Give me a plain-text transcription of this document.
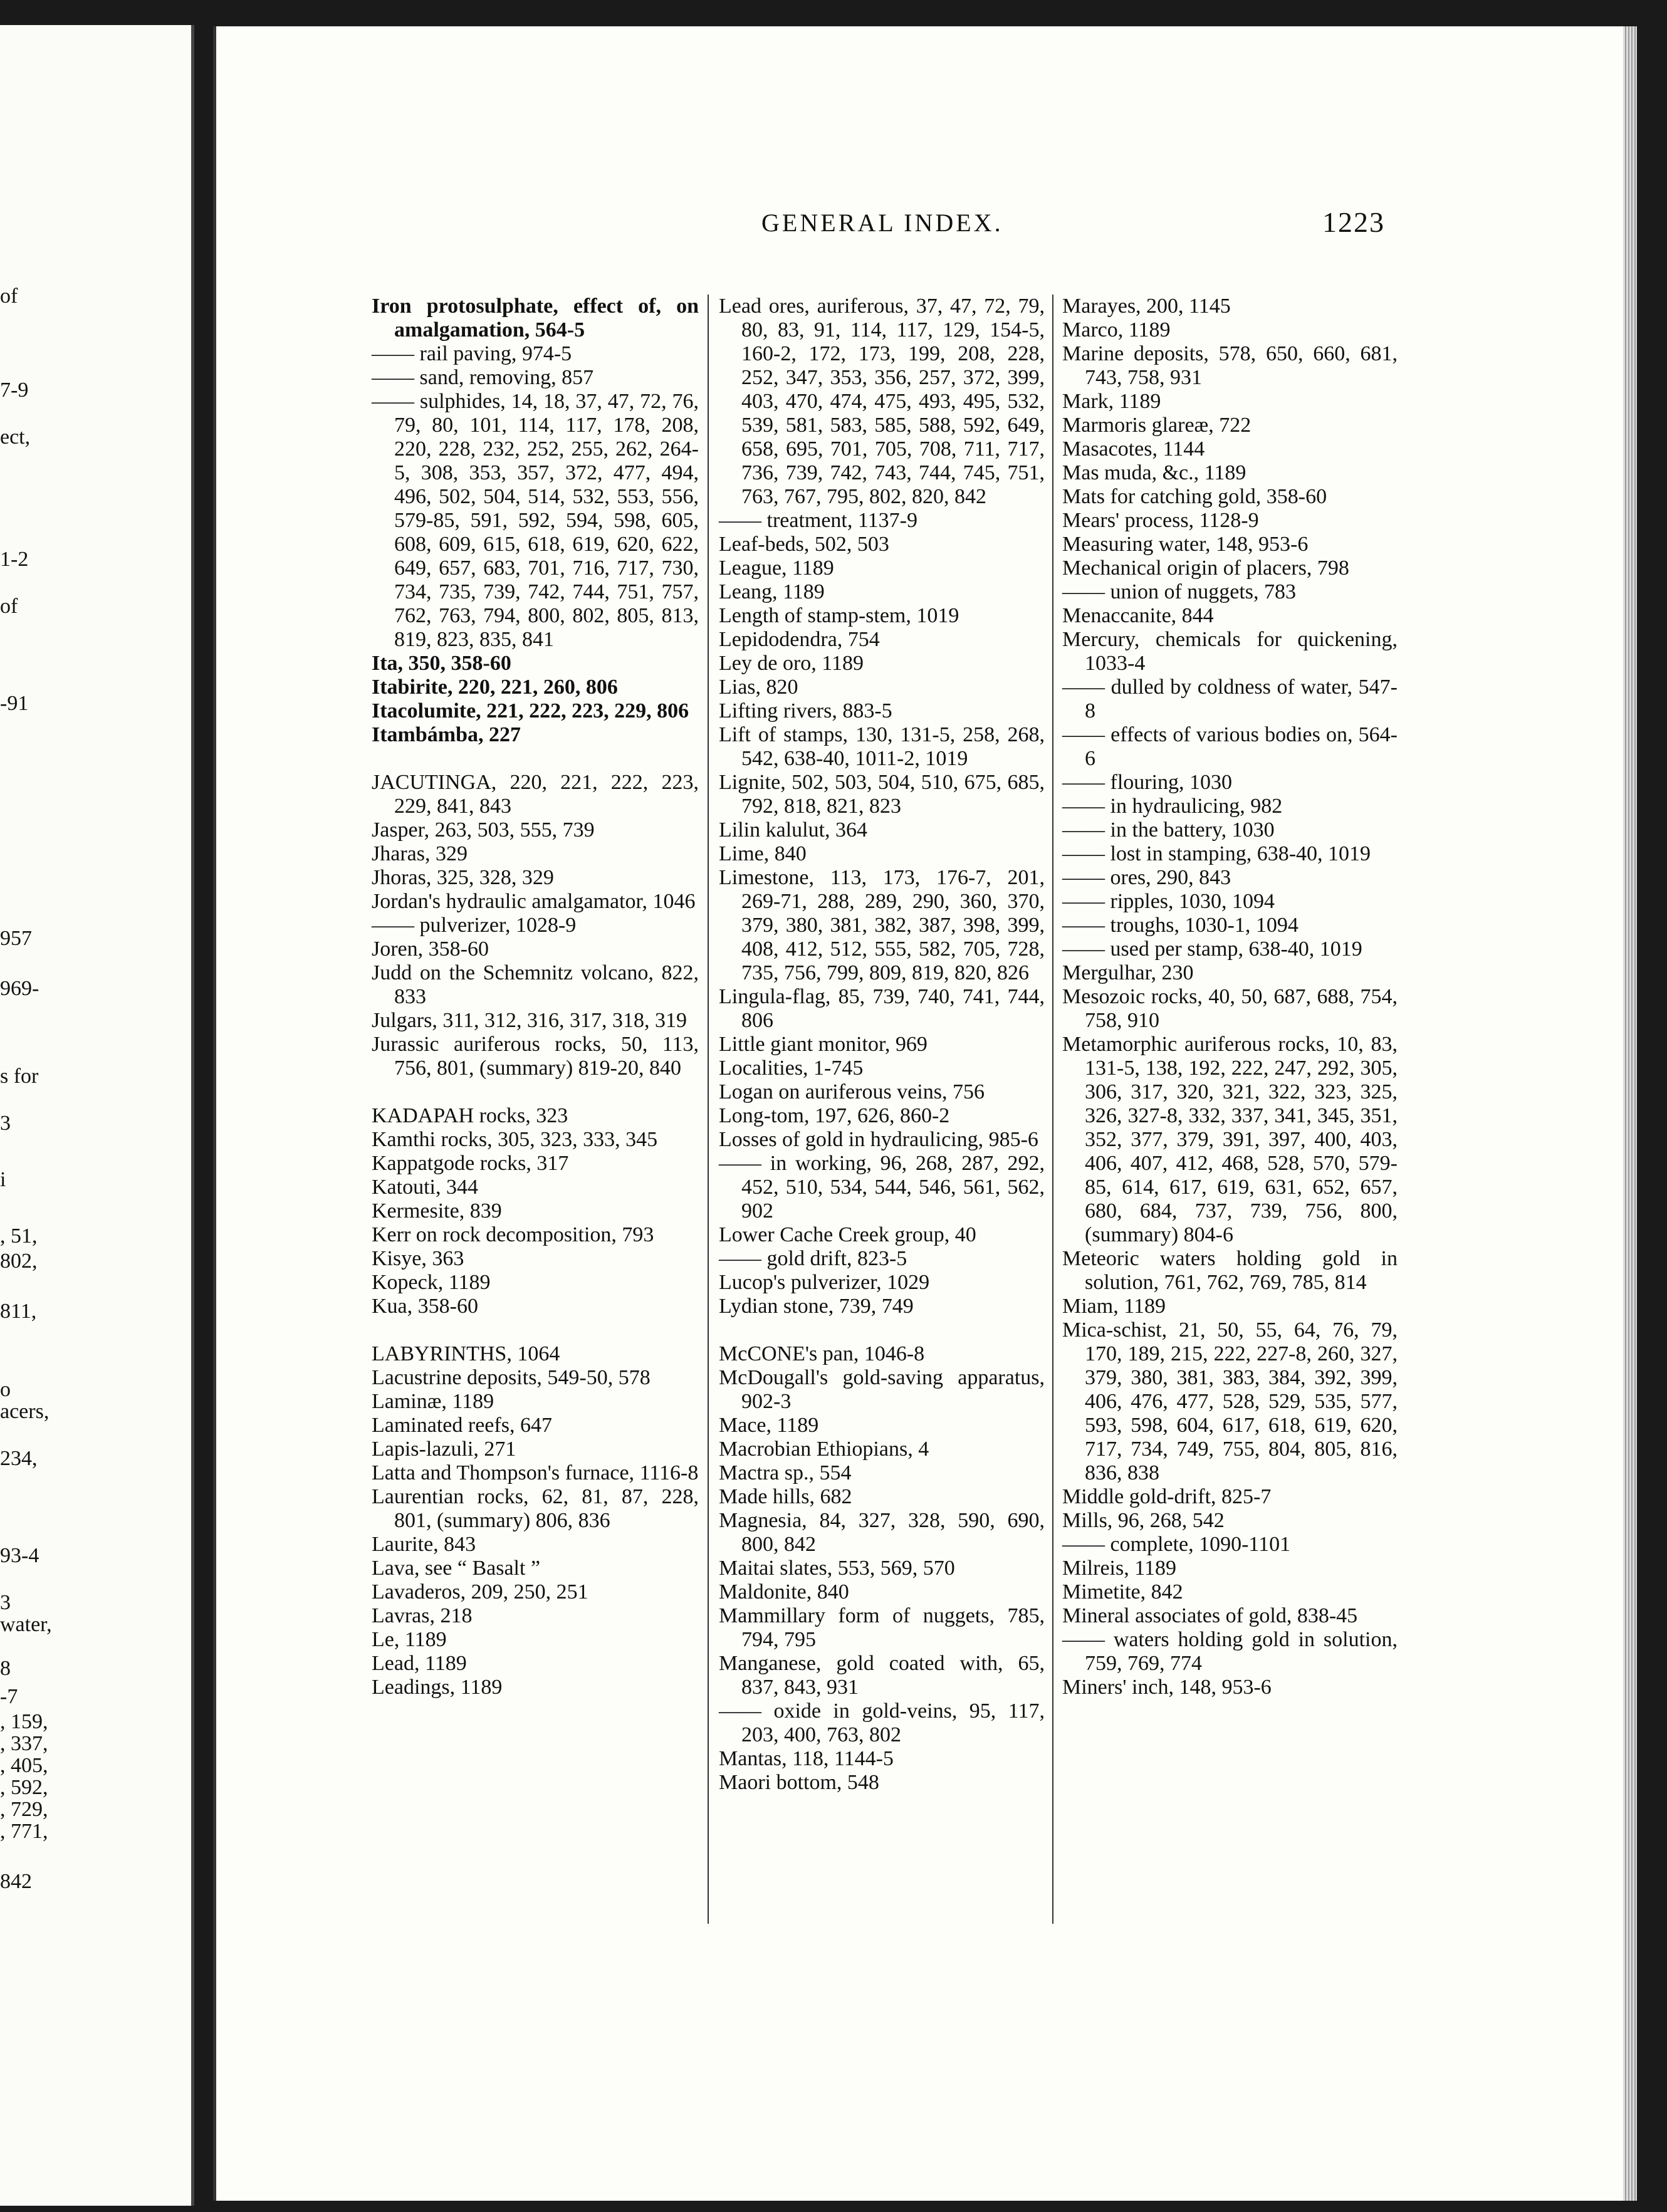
of
7-9
ect,
1-2
of
-91
957
969-
s for
3
i
, 51,
802,
811,
o
acers,
234,
93-4
3
water,
8
-7
, 159,
, 337,
, 405,
, 592,
, 729,
, 771,
842
GENERAL INDEX.	1223

Iron protosulphate, effect of, on amalgamation, 564-5

—— rail paving, 974-5

—— sand, removing, 857

—— sulphides, 14, 18, 37, 47, 72, 76, 79, 80, 101, 114, 117, 178, 208, 220, 228, 232, 252, 255, 262, 264-5, 308, 353, 357, 372, 477, 494, 496, 502, 504, 514, 532, 553, 556, 579-85, 591, 592, 594, 598, 605, 608, 609, 615, 618, 619, 620, 622, 649, 657, 683, 701, 716, 717, 730, 734, 735, 739, 742, 744, 751, 757, 762, 763, 794, 800, 802, 805, 813, 819, 823, 835, 841

Ita, 350, 358-60

Itabirite, 220, 221, 260, 806

Itacolumite, 221, 222, 223, 229, 806

Itambámba, 227

JACUTINGA, 220, 221, 222, 223, 229, 841, 843

Jasper, 263, 503, 555, 739

Jharas, 329

Jhoras, 325, 328, 329

Jordan's hydraulic amalgamator, 1046

—— pulverizer, 1028-9

Joren, 358-60

Judd on the Schemnitz volcano, 822, 833

Julgars, 311, 312, 316, 317, 318, 319

Jurassic auriferous rocks, 50, 113, 756, 801, (summary) 819-20, 840

KADAPAH rocks, 323

Kamthi rocks, 305, 323, 333, 345

Kappatgode rocks, 317

Katouti, 344

Kermesite, 839

Kerr on rock decomposition, 793

Kisye, 363

Kopeck, 1189

Kua, 358-60

LABYRINTHS, 1064

Lacustrine deposits, 549-50, 578

Laminæ, 1189

Laminated reefs, 647

Lapis-lazuli, 271

Latta and Thompson's furnace, 1116-8

Laurentian rocks, 62, 81, 87, 228, 801, (summary) 806, 836

Laurite, 843

Lava, see “ Basalt ”

Lavaderos, 209, 250, 251

Lavras, 218

Le, 1189

Lead, 1189

Leadings, 1189

Lead ores, auriferous, 37, 47, 72, 79, 80, 83, 91, 114, 117, 129, 154-5, 160-2, 172, 173, 199, 208, 228, 252, 347, 353, 356, 257, 372, 399, 403, 470, 474, 475, 493, 495, 532, 539, 581, 583, 585, 588, 592, 649, 658, 695, 701, 705, 708, 711, 717, 736, 739, 742, 743, 744, 745, 751, 763, 767, 795, 802, 820, 842

—— treatment, 1137-9

Leaf-beds, 502, 503

League, 1189

Leang, 1189

Length of stamp-stem, 1019

Lepidodendra, 754

Ley de oro, 1189

Lias, 820

Lifting rivers, 883-5

Lift of stamps, 130, 131-5, 258, 268, 542, 638-40, 1011-2, 1019

Lignite, 502, 503, 504, 510, 675, 685, 792, 818, 821, 823

Lilin kalulut, 364

Lime, 840

Limestone, 113, 173, 176-7, 201, 269-71, 288, 289, 290, 360, 370, 379, 380, 381, 382, 387, 398, 399, 408, 412, 512, 555, 582, 705, 728, 735, 756, 799, 809, 819, 820, 826

Lingula-flag, 85, 739, 740, 741, 744, 806

Little giant monitor, 969

Localities, 1-745

Logan on auriferous veins, 756

Long-tom, 197, 626, 860-2

Losses of gold in hydraulicing, 985-6

—— in working, 96, 268, 287, 292, 452, 510, 534, 544, 546, 561, 562, 902

Lower Cache Creek group, 40

—— gold drift, 823-5

Lucop's pulverizer, 1029

Lydian stone, 739, 749

McCONE's pan, 1046-8

McDougall's gold-saving apparatus, 902-3

Mace, 1189

Macrobian Ethiopians, 4

Mactra sp., 554

Made hills, 682

Magnesia, 84, 327, 328, 590, 690, 800, 842

Maitai slates, 553, 569, 570

Maldonite, 840

Mammillary form of nuggets, 785, 794, 795

Manganese, gold coated with, 65, 837, 843, 931

—— oxide in gold-veins, 95, 117, 203, 400, 763, 802

Mantas, 118, 1144-5

Maori bottom, 548

Marayes, 200, 1145

Marco, 1189

Marine deposits, 578, 650, 660, 681, 743, 758, 931

Mark, 1189

Marmoris glareæ, 722

Masacotes, 1144

Mas muda, &c., 1189

Mats for catching gold, 358-60

Mears' process, 1128-9

Measuring water, 148, 953-6

Mechanical origin of placers, 798

—— union of nuggets, 783

Menaccanite, 844

Mercury, chemicals for quickening, 1033-4

—— dulled by coldness of water, 547-8

—— effects of various bodies on, 564-6

—— flouring, 1030

—— in hydraulicing, 982

—— in the battery, 1030

—— lost in stamping, 638-40, 1019

—— ores, 290, 843

—— ripples, 1030, 1094

—— troughs, 1030-1, 1094

—— used per stamp, 638-40, 1019

Mergulhar, 230

Mesozoic rocks, 40, 50, 687, 688, 754, 758, 910

Metamorphic auriferous rocks, 10, 83, 131-5, 138, 192, 222, 247, 292, 305, 306, 317, 320, 321, 322, 323, 325, 326, 327-8, 332, 337, 341, 345, 351, 352, 377, 379, 391, 397, 400, 403, 406, 407, 412, 468, 528, 570, 579-85, 614, 617, 619, 631, 652, 657, 680, 684, 737, 739, 756, 800, (summary) 804-6

Meteoric waters holding gold in solution, 761, 762, 769, 785, 814

Miam, 1189

Mica-schist, 21, 50, 55, 64, 76, 79, 170, 189, 215, 222, 227-8, 260, 327, 379, 380, 381, 383, 384, 392, 399, 406, 476, 477, 528, 529, 535, 577, 593, 598, 604, 617, 618, 619, 620, 717, 734, 749, 755, 804, 805, 816, 836, 838

Middle gold-drift, 825-7

Mills, 96, 268, 542

—— complete, 1090-1101

Milreis, 1189

Mimetite, 842

Mineral associates of gold, 838-45

—— waters holding gold in solution, 759, 769, 774

Miners' inch, 148, 953-6
